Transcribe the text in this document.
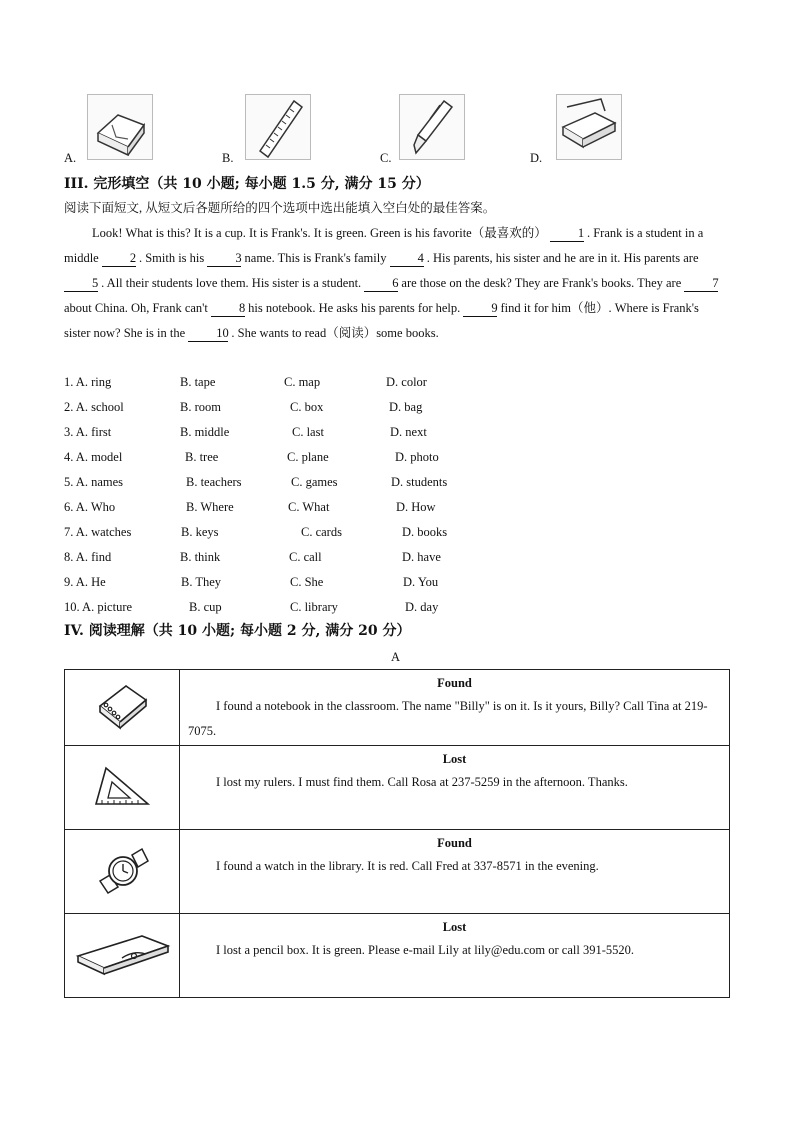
A.	B.	C.	D.
III. 完形填空（共 10 小题; 每小题 1.5 分, 满分 15 分）
阅读下面短文, 从短文后各题所给的四个选项中选出能填入空白处的最佳答案。
Look! What is this? It is a cup. It is Frank's. It is green. Green is his favorite（最喜欢的） 1 . Frank is a student in a middle 2 . Smith is his 3 name. This is Frank's family 4 . His parents, his sister and he are in it. His parents are 5 . All their students love them. His sister is a student. 6 are those on the desk? They are Frank's books. They are 7 about China. Oh, Frank can't 8 his notebook. He asks his parents for help. 9 find it for him（他）. Where is Frank's sister now? She is in the 10 . She wants to read（阅读）some books.
1. A. ring	B. tape	C. map	D. color
2. A. school	B. room	C. box	D. bag
3. A. first	B. middle	C. last	D. next
4. A. model	B. tree	C. plane	D. photo
5. A. names	B. teachers	C. games	D. students
6. A. Who	B. Where	C. What	D. How
7. A. watches	B. keys	C. cards	D. books
8. A. find	B. think	C. call	D. have
9. A. He	B. They	C. She	D. You
10. A. picture	B. cup	C. library	D. day
IV. 阅读理解（共 10 小题; 每小题 2 分, 满分 20 分）
A

Found
I found a notebook in the classroom. The name "Billy" is on it. Is it yours, Billy? Call Tina at 219-7075.

Lost
I lost my rulers. I must find them. Call Rosa at 237-5259 in the afternoon. Thanks.

Found
I found a watch in the library. It is red. Call Fred at 337-8571 in the evening.

Lost
I lost a pencil box. It is green. Please e-mail Lily at lily@edu.com or call 391-5520.
